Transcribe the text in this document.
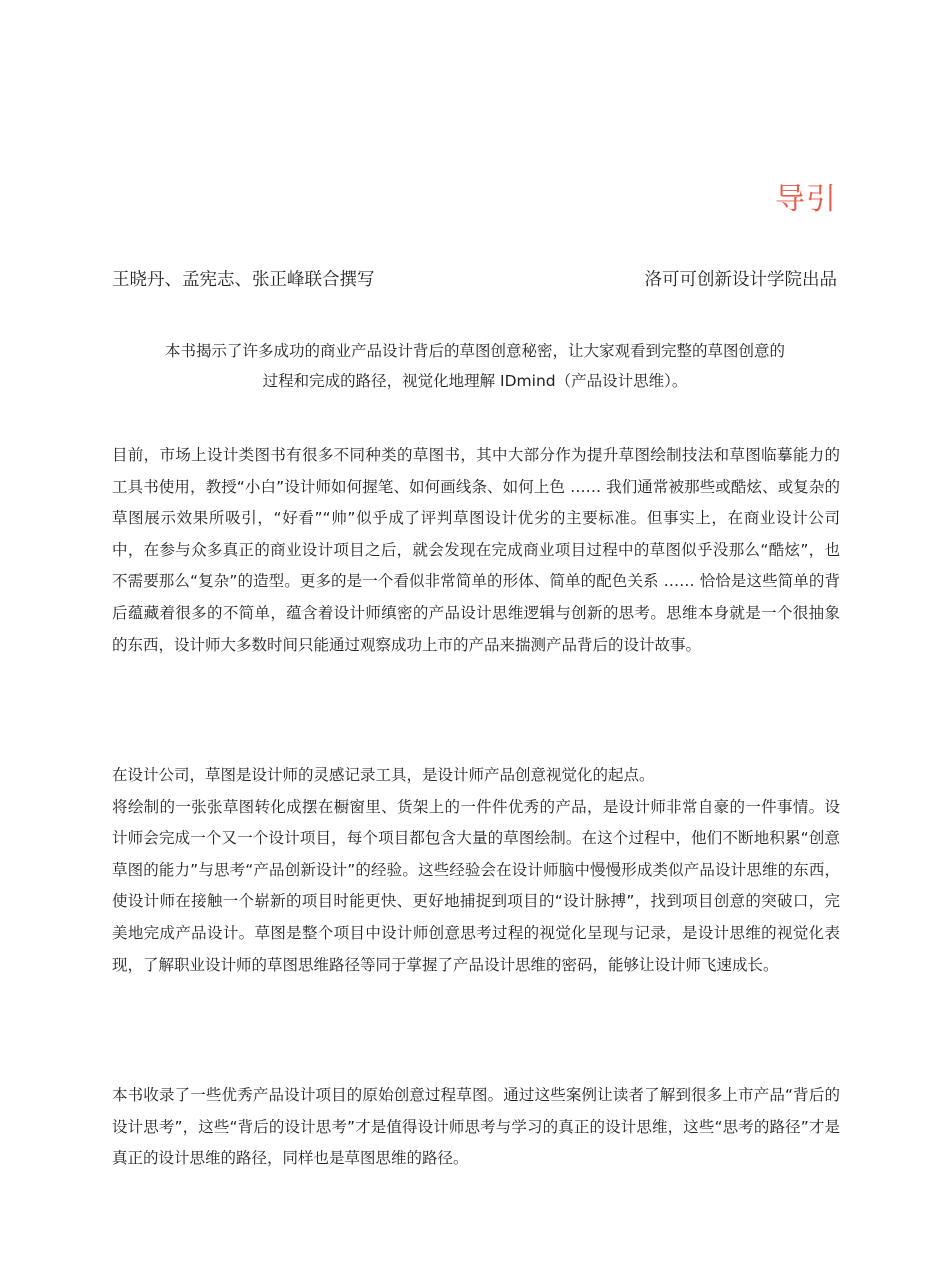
导引
王晓丹、孟宪志、张正峰联合撰写	洛可可创新设计学院出品

本书揭示了许多成功的商业产品设计背后的草图创意秘密，让大家观看到完整的草图创意的

过程和完成的路径，视觉化地理解 IDmind（产品设计思维）。

目前，市场上设计类图书有很多不同种类的草图书，其中大部分作为提升草图绘制技法和草图临摹能力的工具书使用，教授“小白”设计师如何握笔、如何画线条、如何上色 …… 我们通常被那些或酷炫、或复杂的草图展示效果所吸引，“好看”“帅”似乎成了评判草图设计优劣的主要标准。但事实上，在商业设计公司中，在参与众多真正的商业设计项目之后，就会发现在完成商业项目过程中的草图似乎没那么“酷炫”，也不需要那么“复杂”的造型。更多的是一个看似非常简单的形体、简单的配色关系 …… 恰恰是这些简单的背后蕴藏着很多的不简单，蕴含着设计师缜密的产品设计思维逻辑与创新的思考。思维本身就是一个很抽象的东西，设计师大多数时间只能通过观察成功上市的产品来揣测产品背后的设计故事。

在设计公司，草图是设计师的灵感记录工具，是设计师产品创意视觉化的起点。

将绘制的一张张草图转化成摆在橱窗里、货架上的一件件优秀的产品，是设计师非常自豪的一件事情。设计师会完成一个又一个设计项目，每个项目都包含大量的草图绘制。在这个过程中，他们不断地积累“创意草图的能力”与思考“产品创新设计”的经验。这些经验会在设计师脑中慢慢形成类似产品设计思维的东西，使设计师在接触一个崭新的项目时能更快、更好地捕捉到项目的“设计脉搏”，找到项目创意的突破口，完美地完成产品设计。草图是整个项目中设计师创意思考过程的视觉化呈现与记录，是设计思维的视觉化表现，了解职业设计师的草图思维路径等同于掌握了产品设计思维的密码，能够让设计师飞速成长。

本书收录了一些优秀产品设计项目的原始创意过程草图。通过这些案例让读者了解到很多上市产品“背后的设计思考”，这些“背后的设计思考”才是值得设计师思考与学习的真正的设计思维，这些“思考的路径”才是真正的设计思维的路径，同样也是草图思维的路径。
